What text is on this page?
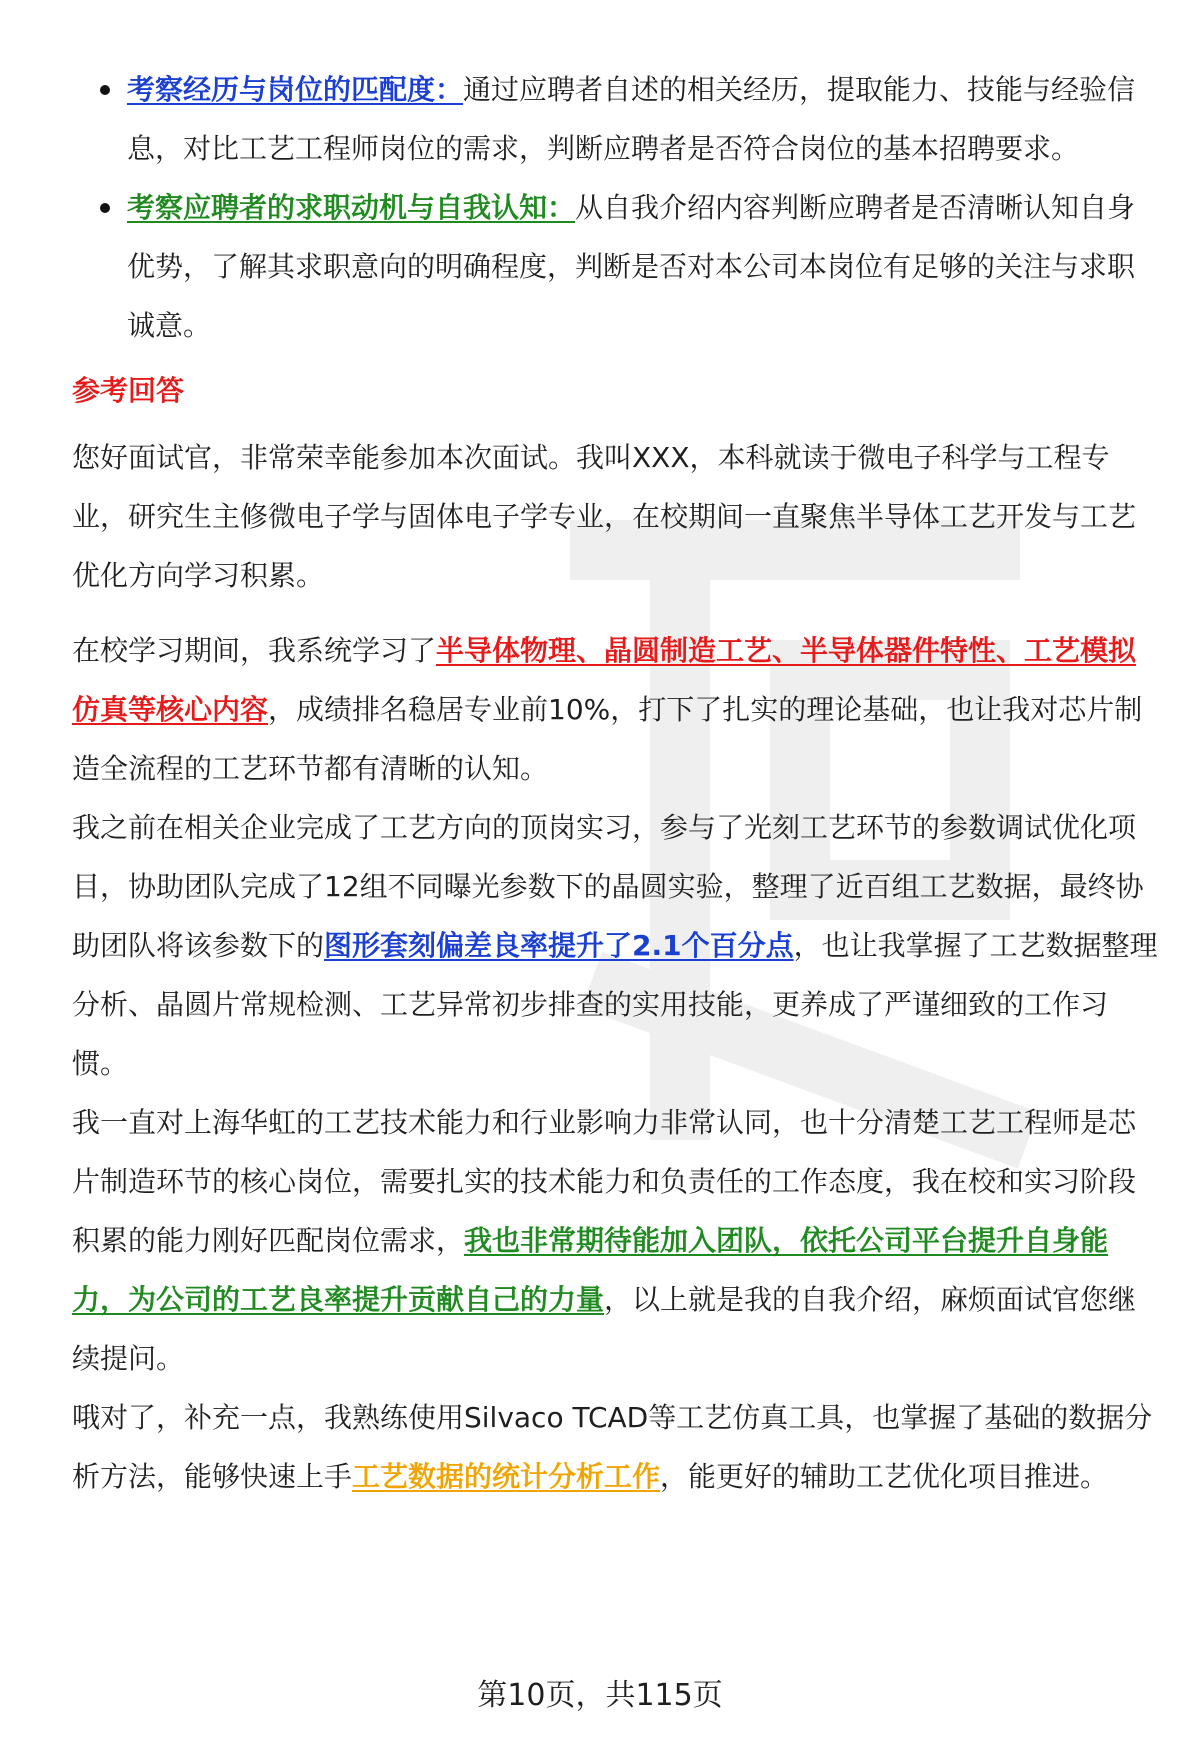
考察经历与岗位的匹配度：通过应聘者自述的相关经历，提取能力、技能与经验信息，对比工艺工程师岗位的需求，判断应聘者是否符合岗位的基本招聘要求。
考察应聘者的求职动机与自我认知：从自我介绍内容判断应聘者是否清晰认知自身优势，了解其求职意向的明确程度，判断是否对本公司本岗位有足够的关注与求职诚意。
参考回答

您好面试官，非常荣幸能参加本次面试。我叫XXX，本科就读于微电子科学与工程专业，研究生主修微电子学与固体电子学专业，在校期间一直聚焦半导体工艺开发与工艺优化方向学习积累。

在校学习期间，我系统学习了半导体物理、晶圆制造工艺、半导体器件特性、工艺模拟仿真等核心内容，成绩排名稳居专业前10%，打下了扎实的理论基础，也让我对芯片制造全流程的工艺环节都有清晰的认知。

我之前在相关企业完成了工艺方向的顶岗实习，参与了光刻工艺环节的参数调试优化项目，协助团队完成了12组不同曝光参数下的晶圆实验，整理了近百组工艺数据，最终协助团队将该参数下的图形套刻偏差良率提升了2.1个百分点，也让我掌握了工艺数据整理分析、晶圆片常规检测、工艺异常初步排查的实用技能，更养成了严谨细致的工作习惯。

我一直对上海华虹的工艺技术能力和行业影响力非常认同，也十分清楚工艺工程师是芯片制造环节的核心岗位，需要扎实的技术能力和负责任的工作态度，我在校和实习阶段积累的能力刚好匹配岗位需求，我也非常期待能加入团队，依托公司平台提升自身能力，为公司的工艺良率提升贡献自己的力量，以上就是我的自我介绍，麻烦面试官您继续提问。

哦对了，补充一点，我熟练使用Silvaco TCAD等工艺仿真工具，也掌握了基础的数据分析方法，能够快速上手工艺数据的统计分析工作，能更好的辅助工艺优化项目推进。

第10页，共115页
